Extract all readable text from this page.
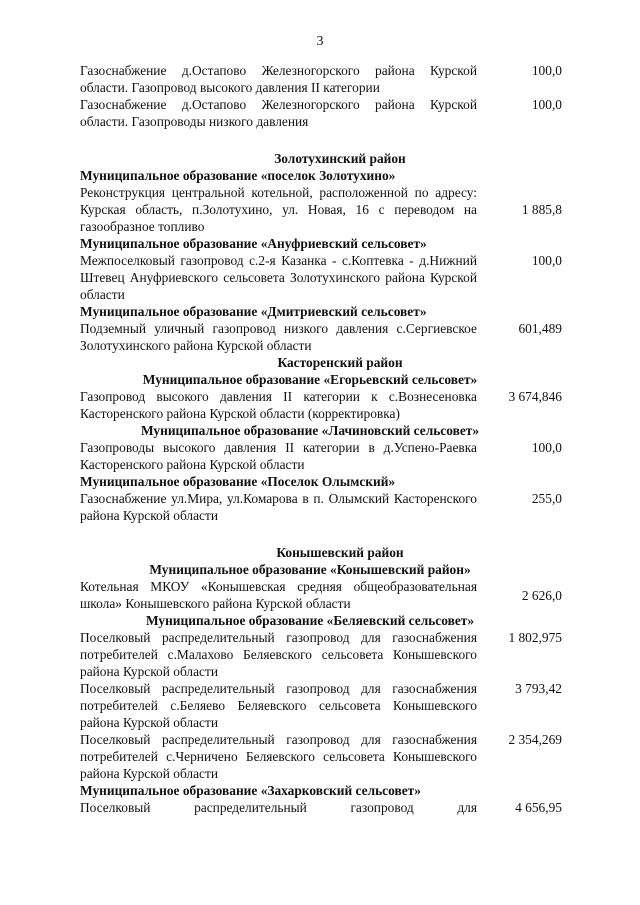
3
Газоснабжение д.Остапово Железногорского района Курской области. Газопровод высокого давления II категории
100,0
Газоснабжение д.Остапово Железногорского района Курской области. Газопроводы низкого давления
100,0
Золотухинский район
Муниципальное образование «поселок Золотухино»
Реконструкция центральной котельной, расположенной по адресу: Курская область, п.Золотухино, ул. Новая, 16 с переводом на газообразное топливо
1 885,8
Муниципальное образование «Ануфриевский сельсовет»
Межпоселковый газопровод с.2-я Казанка - с.Коптевка - д.Нижний Штевец Ануфриевского сельсовета Золотухинского района Курской области
100,0
Муниципальное образование «Дмитриевский сельсовет»
Подземный уличный газопровод низкого давления с.Сергиевское Золотухинского района Курской области
601,489
Касторенский район
Муниципальное образование «Егорьевский сельсовет»
Газопровод высокого давления II категории к с.Вознесеновка Касторенского района Курской области (корректировка)
3 674,846
Муниципальное образование «Лачиновский сельсовет»
Газопроводы высокого давления II категории в д.Успено-Раевка Касторенского района Курской области
100,0
Муниципальное образование «Поселок Олымский»
Газоснабжение ул.Мира, ул.Комарова в п. Олымский Касторенского района Курской области
255,0
Конышевский район
Муниципальное образование «Конышевский район»
Котельная МКОУ «Конышевская средняя общеобразовательная школа» Конышевского района Курской области
2 626,0
Муниципальное образование «Беляевский сельсовет»
Поселковый распределительный газопровод для газоснабжения потребителей с.Малахово Беляевского сельсовета Конышевского района Курской области
1 802,975
Поселковый распределительный газопровод для газоснабжения потребителей с.Беляево Беляевского сельсовета Конышевского района Курской области
3 793,42
Поселковый распределительный газопровод для газоснабжения потребителей с.Черничено Беляевского сельсовета Конышевского района Курской области
2 354,269
Муниципальное образование «Захарковский сельсовет»
Поселковый распределительный газопровод для	4 656,95
